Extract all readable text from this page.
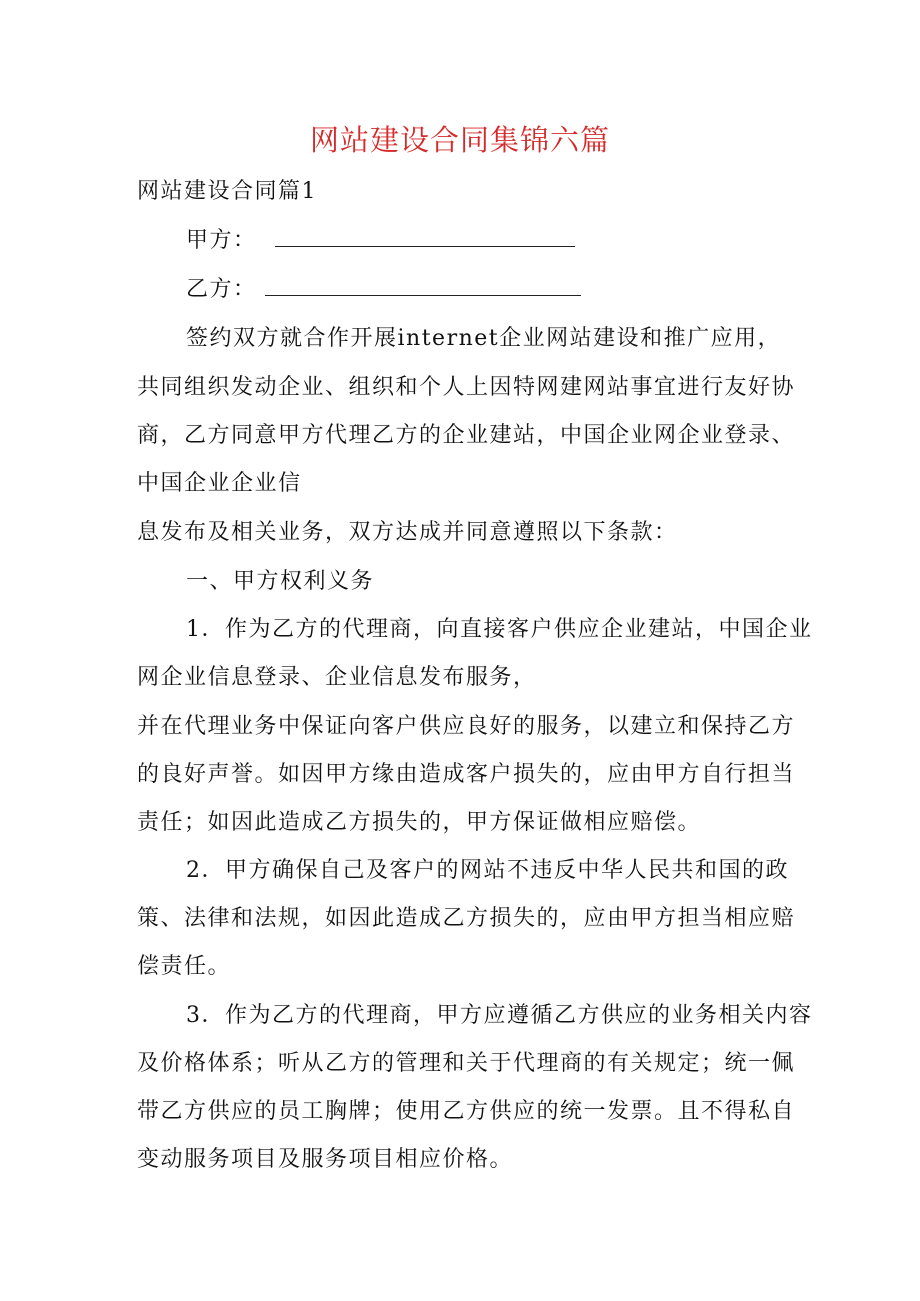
网站建设合同集锦六篇
网站建设合同篇1
甲方：
乙方：
签约双方就合作开展internet企业网站建设和推广应用，
共同组织发动企业、组织和个人上因特网建网站事宜进行友好协
商，乙方同意甲方代理乙方的企业建站，中国企业网企业登录、
中国企业企业信
息发布及相关业务，双方达成并同意遵照以下条款：
一、甲方权利义务
1．作为乙方的代理商，向直接客户供应企业建站，中国企业
网企业信息登录、企业信息发布服务，
并在代理业务中保证向客户供应良好的服务，以建立和保持乙方
的良好声誉。如因甲方缘由造成客户损失的，应由甲方自行担当
责任；如因此造成乙方损失的，甲方保证做相应赔偿。
2．甲方确保自己及客户的网站不违反中华人民共和国的政
策、法律和法规，如因此造成乙方损失的，应由甲方担当相应赔
偿责任。
3．作为乙方的代理商，甲方应遵循乙方供应的业务相关内容
及价格体系；听从乙方的管理和关于代理商的有关规定；统一佩
带乙方供应的员工胸牌；使用乙方供应的统一发票。且不得私自
变动服务项目及服务项目相应价格。
